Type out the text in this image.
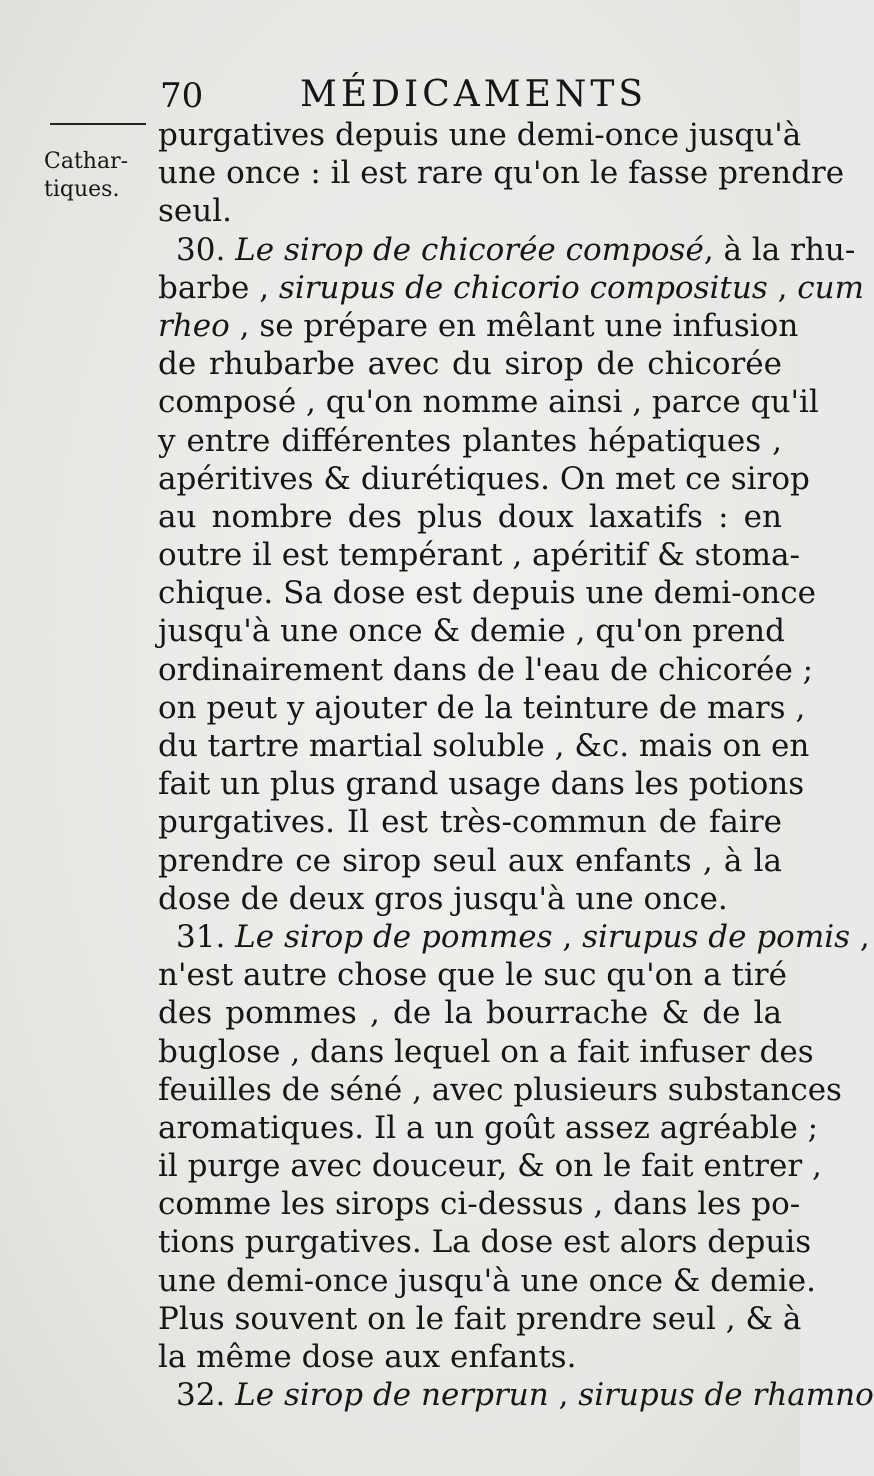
70	MÉDICAMENTS
Cathar-
tiques.
purgatives depuis une demi-once jusqu'à
une once : il est rare qu'on le fasse prendre
seul.
30. Le sirop de chicorée composé, à la rhu-
barbe , sirupus de chicorio compositus , cum
rheo , se prépare en mêlant une infusion
de rhubarbe avec du sirop de chicorée
composé , qu'on nomme ainsi , parce qu'il
y entre différentes plantes hépatiques ,
apéritives & diurétiques. On met ce sirop
au nombre des plus doux laxatifs : en
outre il est tempérant , apéritif & stoma-
chique. Sa dose est depuis une demi-once
jusqu'à une once & demie , qu'on prend
ordinairement dans de l'eau de chicorée ;
on peut y ajouter de la teinture de mars ,
du tartre martial soluble , &c. mais on en
fait un plus grand usage dans les potions
purgatives. Il est très-commun de faire
prendre ce sirop seul aux enfants , à la
dose de deux gros jusqu'à une once.
31. Le sirop de pommes , sirupus de pomis ,
n'est autre chose que le suc qu'on a tiré
des pommes , de la bourrache & de la
buglose , dans lequel on a fait infuser des
feuilles de séné , avec plusieurs substances
aromatiques. Il a un goût assez agréable ;
il purge avec douceur, & on le fait entrer ,
comme les sirops ci-dessus , dans les po-
tions purgatives. La dose est alors depuis
une demi-once jusqu'à une once & demie.
Plus souvent on le fait prendre seul , & à
la même dose aux enfants.
32. Le sirop de nerprun , sirupus de rhamno
